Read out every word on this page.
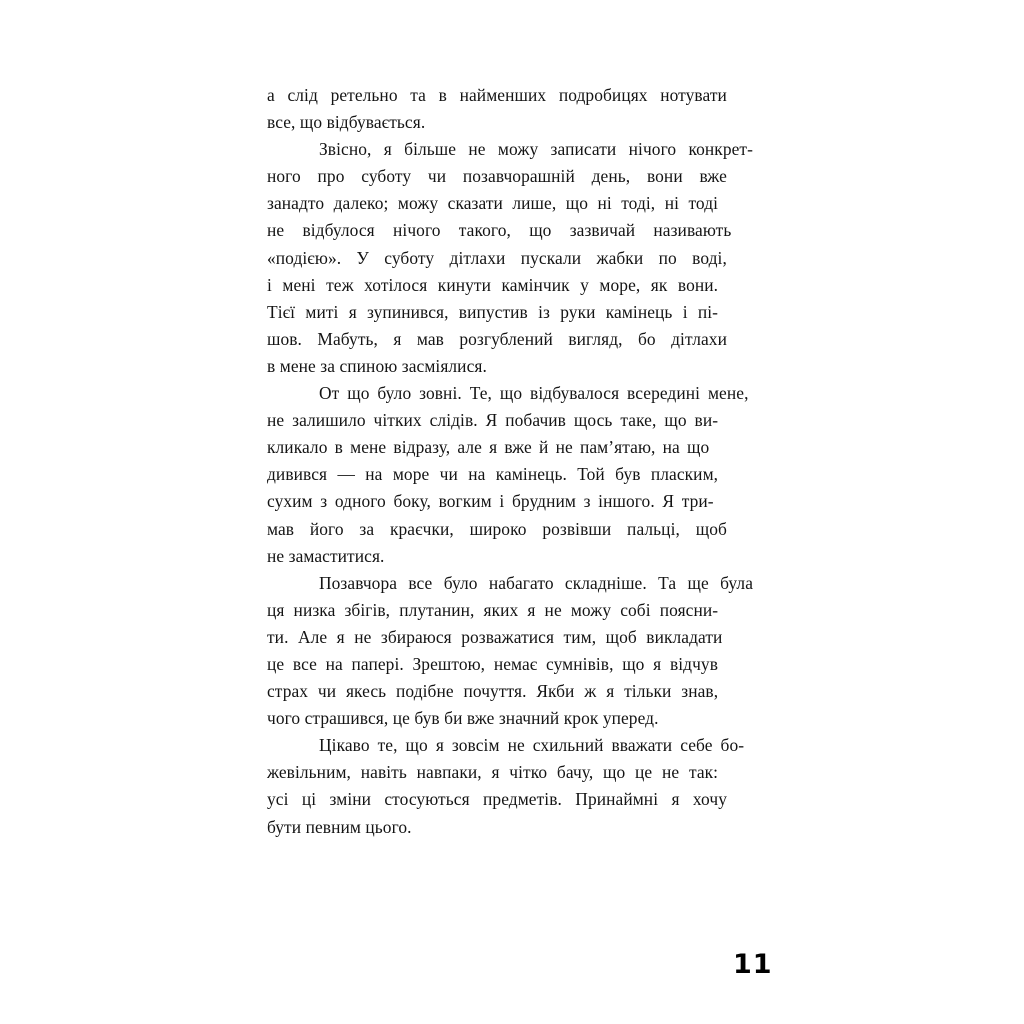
а слід ретельно та в найменших подробицях нотувати
все, що відбувається.

Звісно, я більше не можу записати нічого конкрет-
ного про суботу чи позавчорашній день, вони вже
занадто далеко; можу сказати лише, що ні тоді, ні тоді
не відбулося нічого такого, що зазвичай називають
«подією». У суботу дітлахи пускали жабки по воді,
і мені теж хотілося кинути камінчик у море, як вони.
Тієї миті я зупинився, випустив із руки камінець і пі-
шов. Мабуть, я мав розгублений вигляд, бо дітлахи
в мене за спиною засміялися.

От що було зовні. Те, що відбувалося всередині мене,
не залишило чітких слідів. Я побачив щось таке, що ви-
кликало в мене відразу, але я вже й не пам’ятаю, на що
дивився — на море чи на камінець. Той був пласким,
сухим з одного боку, вогким і брудним з іншого. Я три-
мав його за краєчки, широко розвівши пальці, щоб
не замаститися.

Позавчора все було набагато складніше. Та ще була
ця низка збігів, плутанин, яких я не можу собі поясни-
ти. Але я не збираюся розважатися тим, щоб викладати
це все на папері. Зрештою, немає сумнівів, що я відчув
страх чи якесь подібне почуття. Якби ж я тільки знав,
чого страшився, це був би вже значний крок уперед.

Цікаво те, що я зовсім не схильний вважати себе бо-
жевільним, навіть навпаки, я чітко бачу, що це не так:
усі ці зміни стосуються предметів. Принаймні я хочу
бути певним цього.

11
